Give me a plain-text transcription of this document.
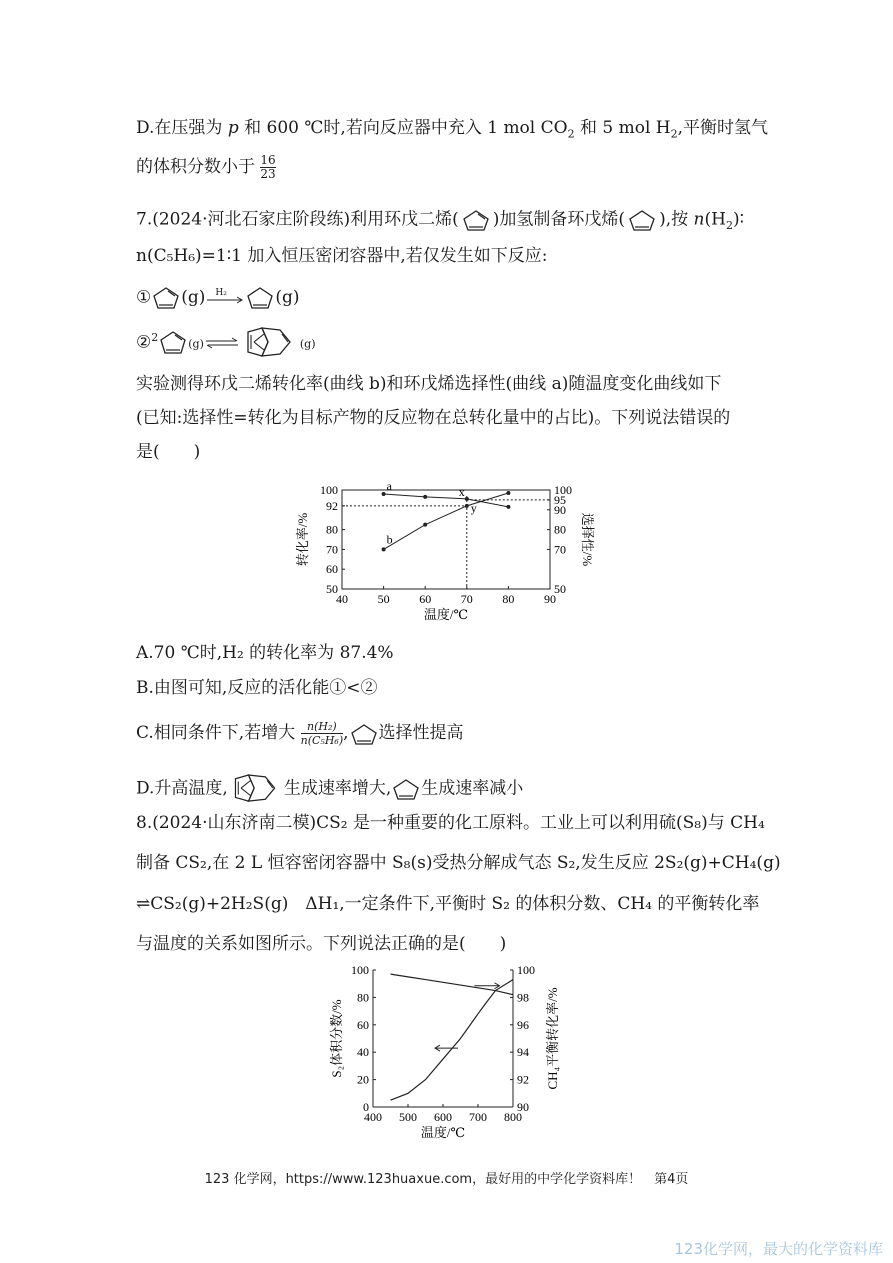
D.在压强为 p 和 600 ℃时,若向反应器中充入 1 mol $CO_2$ 和 5 mol $H_2$,平衡时氢气
的体积分数小于 $\frac{16}{23}$
7.(2024·河北石家庄阶段练)利用环戊二烯( )加氢制备环戊烯( ),按 $n(H_2)∶$
n(C₅H₆)=1∶1 加入恒压密闭容器中,若仅发生如下反应:
① (g) H₂	(g)
②$^2$(g)⇌	(g)
实验测得环戊二烯转化率(曲线 b)和环戊烯选择性(曲线 a)随温度变化曲线如下
(已知:选择性=转化为目标产物的反应物在总转化量中的占比)。下列说法错误的
是(　　)
40 50 60 70 80 90
50
60
70
80
92
100
50
70
80
90
95
100
a
b
x
y
温度/℃
转化率/%	选择性/%
A.70 ℃时,H₂ 的转化率为 87.4%
B.由图可知,反应的活化能①<②
C.相同条件下,若增大 $\frac{\text{n(H₂)}}{\text{n(C₅H₆)}}$ , 选择性提高
D.升高温度,	生成速率增大, 生成速率减小
8.(2024·山东济南二模)CS₂ 是一种重要的化工原料。工业上可以利用硫(S₈)与 CH₄
制备 CS₂,在 2 L 恒容密闭容器中 S₈(s)受热分解成气态 S₂,发生反应 2S₂(g)+CH₄(g)
⇌CS₂(g)+2H₂S(g)　ΔH₁,一定条件下,平衡时 S₂ 的体积分数、CH₄ 的平衡转化率
与温度的关系如图所示。下列说法正确的是(　　)
400 500 600 700 800
0
20
40
60
80
100
90
92
94
96
98
100
温度/℃
S₂体积分数/%	CH₄平衡转化率/%
123 化学网，https://www.123huaxue.com，最好用的中学化学资料库！　第4页
123化学网，最大的化学资料库
